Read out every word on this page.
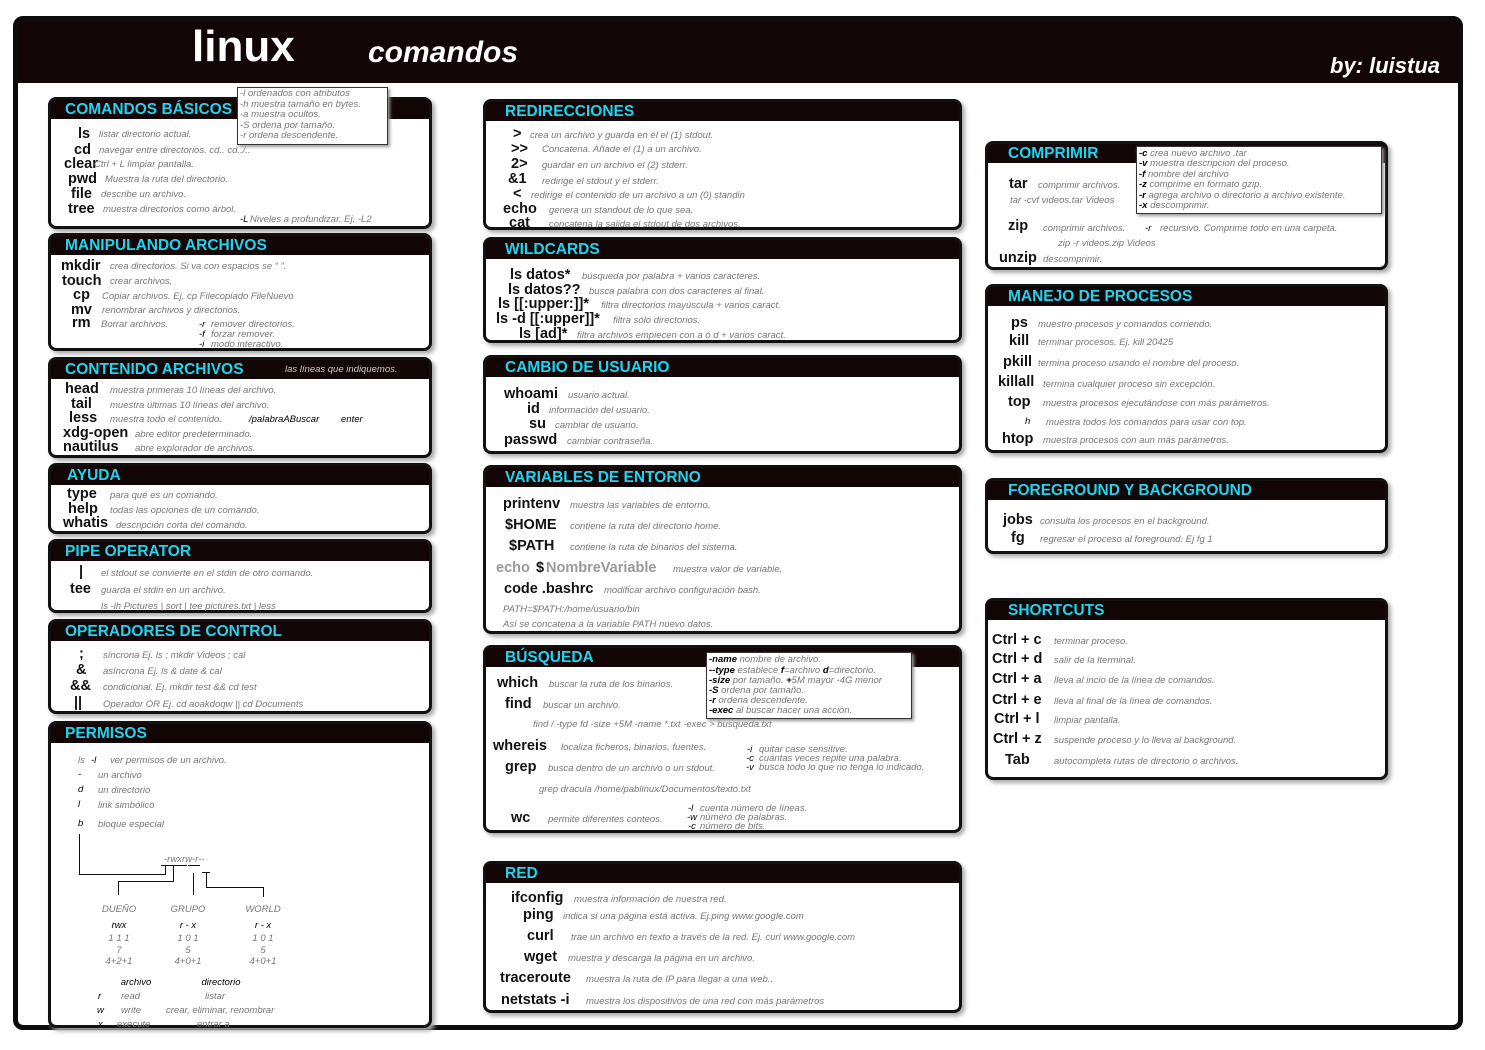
linux comandos	by: luistua
COMANDOS BÁSICOS
ls listar directorio actual.
cd navegar entre directorios. cd.. cd../..
clear
Ctrl + L limpiar pantalla.
pwd Muestra la ruta del directorio.
file describe un archivo.
tree muestra directorios como árbol.
-L Niveles a profundizar. Ej. -L2
-l ordenados con atributos
-h muestra tamaño en bytes.
-a muestra ocultos.
-S ordena por tamaño.
-r ordena descendente.
MANIPULANDO ARCHIVOS
mkdir crea directorios. Si va con espacios se “ ”.
touch crear archivos.
cp Copiar archivos. Ej. cp Filecopiado FileNuevo
mv renombrar archivos y directorios.
rm Borrar archivos.	-r remover directorios.
-f forzar remover.
-i modo interactivo.
CONTENIDO ARCHIVOS	las líneas que indiquemos.
head muestra primeras 10 líneas del archivo.
tail muestra últimas 10 líneas del archivo.
less muestra todo el contenido.	/palabraABuscar enter
xdg-open abre editor predeterminado.
nautilus abre explorador de archivos.
AYUDA
type para qué es un comando.
help todas las opciones de un comando.
whatis descripción corta del comando.
PIPE OPERATOR
| el stdout se convierte en el stdin de otro comando.
tee guarda el stdin en un archivo.
ls -lh Pictures | sort | tee pictures.txt | less
OPERADORES DE CONTROL
; síncrona Ej. ls ; mkdir Videos ; cal
& asíncrona Ej. ls & date & cal
&& condicional. Ej. mkdir test && cd test
|| Operador OR Ej. cd aoakdoqw || cd Documents
PERMISOS
ls -l ver permisos de un archivo.
- un archivo
d un directorio
l link simbólico
b bloque especial
-rwxrw-r--
DUEÑO	GRUPO	WORLD
rwx	r - x	r - x
1 1 1	1 0 1	1 0 1
7	5	5
4+2+1	4+0+1	4+0+1
archivo	directorio
r read	listar
w write	crear, eliminar, renombrar
x execute	entrar a
REDIRECCIONES
> crea un archivo y guarda en él el (1) stdout.
>> Concatena. Añade el (1) a un archivo.
2> guardar en un archivo el (2) stderr.
&1 redirige el stdout y el stderr.
< redirige el contenido de un archivo a un (0) standin
echo genera un standout de lo que sea.
cat concatena la salida el stdout de dos archivos.
WILDCARDS
ls datos* búsqueda por palabra + varios caracteres.
ls datos?? busca palabra con dos caracteres al final.
ls [[:upper:]]* filtra directorios mayúscula + varios caract.
ls -d [[:upper]]* filtra sólo directorios.
ls [ad]* filtra archivos empiecen con a ó d + varios caract.
CAMBIO DE USUARIO
whoami usuario actual.
id información del usuario.
su cambiar de usuario.
passwd cambiar contraseña.
VARIABLES DE ENTORNO
printenv muestra las variables de entorno.
$HOME contiene la ruta del directorio home.
$PATH contiene la ruta de binarios del sistema.
echo $ NombreVariable muestra valor de variable.
code .bashrc modificar archivo configuración bash.
PATH=$PATH:/home/usuario/bin
Así se concatena a la variable PATH nuevo datos.
BÚSQUEDA
which buscar la ruta de los binarios.
find buscar un archivo.
find / -type fd -size +5M -name *.txt -exec > busqueda.txt
whereis localiza ficheros, binarios, fuentes.
grep busca dentro de un archivo o un stdout.
-i quitar case sensitive.
-c cuántas veces repite una palabra.
-v busca todo lo que no tenga lo indicado.
grep dracula /home/pablinux/Documentos/texto.txt
wc permite diferentes conteos.
-l cuenta número de líneas.
-w número de palabras.
-c número de bits.
-name nombre de archivo.
--type establece f=archivo d=directorio.
-size por tamaño. +5M mayor -4G menor
-S ordena por tamaño.
-r ordena descendente.
-exec al buscar hacer una acción.
RED
ifconfig muestra información de nuestra red.
ping indica si una página está activa. Ej.ping www.google.com
curl trae un archivo en texto a través de la red. Ej. curl www.google.com
wget muestra y descarga la página en un archivo.
traceroute muestra la ruta de IP para llegar a una web..
netstats -i muestra los dispositivos de una red con más parámetros
COMPRIMIR
tar comprimir archivos.
tar -cvf videos.tar Videos
zip comprimir archivos. -r recursivo. Comprime todo en una carpeta.
zip -r videos.zip Videos
unzip descomprimir.
-c crea nuevo archivo .tar
-v muestra descripcion del proceso.
-f nombre del archivo
-z comprime en formato gzip.
-r agrega archivo o directorio a archivo existente.
-x descomprimir.
MANEJO DE PROCESOS
ps muestro procesos y comandos corriendo.
kill terminar procesos. Ej. kill 20425
pkill termina proceso usando el nombre del proceso.
killall termina cualquier proceso sin excepción.
top muestra procesos ejecutándose con más parámetros.
h muestra todos los comandos para usar con top.
htop muestra procesos con aun más parámetros.
FOREGROUND Y BACKGROUND
jobs consulta los procesos en el background.
fg regresar el proceso al foreground. Ej fg 1
SHORTCUTS
Ctrl + c terminar proceso.
Ctrl + d salir de la lterminal.
Ctrl + a lleva al incio de la línea de comandos.
Ctrl + e lleva al final de la línea de comandos.
Ctrl + l limpiar pantalla.
Ctrl + z suspende proceso y lo lleva al background.
Tab	autocompleta rutas de directorio o archivos.
